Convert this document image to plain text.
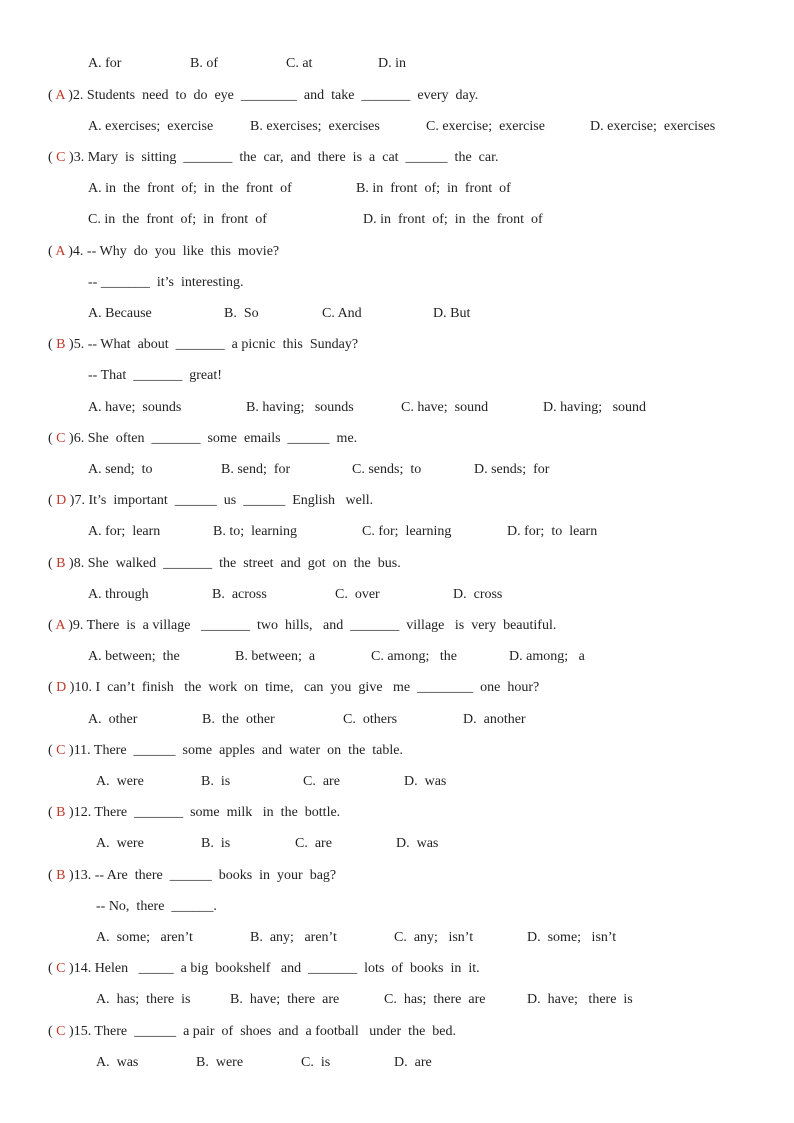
A. for	B. of	C. at	D. in
( A )2. Students  need  to  do  eye  ________  and  take  _______  every  day.
A. exercises;  exercise	B. exercises;  exercises	C. exercise;  exercise	D. exercise;  exercises
( C )3. Mary  is  sitting  _______  the  car,  and  there  is  a  cat  ______  the  car.
A. in  the  front  of;  in  the  front  of	B. in  front  of;  in  front  of
C. in  the  front  of;  in  front  of	D. in  front  of;  in  the  front  of
( A )4. -- Why  do  you  like  this  movie?
-- _______  it’s  interesting.
A. Because	B.  So	C. And	D. But
( B )5. -- What  about  _______  a picnic  this  Sunday?
-- That  _______  great!
A. have;  sounds	B. having;   sounds	C. have;  sound	D. having;   sound
( C )6. She  often  _______  some  emails  ______  me.
A. send;  to	B. send;  for	C. sends;  to	D. sends;  for
( D )7. It’s  important  ______  us  ______  English   well.
A. for;  learn	B. to;  learning	C. for;  learning	D. for;  to  learn
( B )8. She  walked  _______  the  street  and  got  on  the  bus.
A. through	B.  across	C.  over	D.  cross
( A )9. There  is  a village   _______  two  hills,   and  _______  village   is  very  beautiful.
A. between;  the	B. between;  a	C. among;   the	D. among;   a
( D )10. I  can’t  finish   the  work  on  time,   can  you  give   me  ________  one  hour?
A.  other	B.  the  other	C.  others	D.  another
( C )11. There  ______  some  apples  and  water  on  the  table.
A.  were	B.  is	C.  are	D.  was
( B )12. There  _______  some  milk   in  the  bottle.
A.  were	B.  is	C.  are	D.  was
( B )13. -- Are  there  ______  books  in  your  bag?
-- No,  there  ______.
A.  some;   aren’t	B.  any;   aren’t	C.  any;   isn’t	D.  some;   isn’t
( C )14. Helen   _____  a big  bookshelf   and  _______  lots  of  books  in  it.
A.  has;  there  is	B.  have;  there  are	C.  has;  there  are	D.  have;   there  is
( C )15. There  ______  a pair  of  shoes  and  a football   under  the  bed.
A.  was	B.  were	C.  is	D.  are
